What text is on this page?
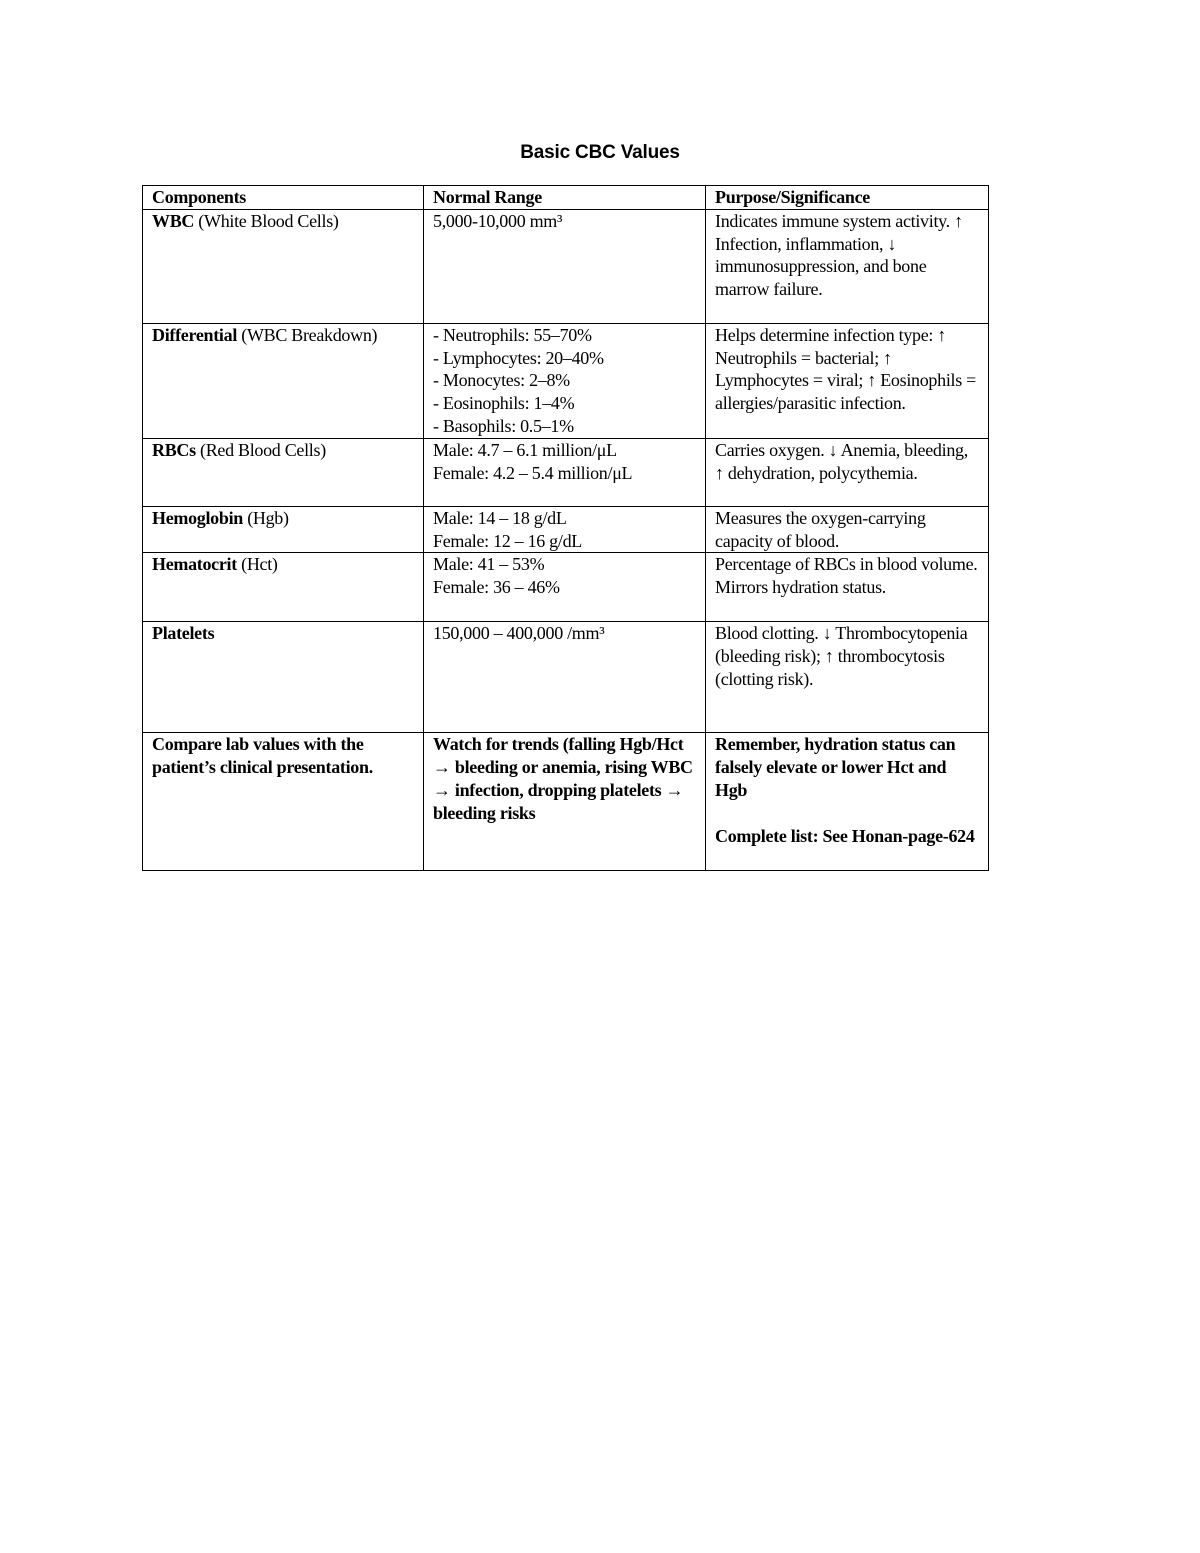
Basic CBC Values
Components	Normal Range	Purpose/Significance
WBC (White Blood Cells)	5,000-10,000 mm³	Indicates immune system activity. ↑ Infection, inflammation, ↓ immunosuppression, and bone marrow failure.

Differential (WBC Breakdown)	- Neutrophils: 55–70%
- Lymphocytes: 20–40%
- Monocytes: 2–8%
- Eosinophils: 1–4%
- Basophils: 0.5–1%	Helps determine infection type: ↑ Neutrophils = bacterial; ↑ Lymphocytes = viral; ↑ Eosinophils = allergies/parasitic infection.

RBCs (Red Blood Cells)	Male: 4.7 – 6.1 million/μL
Female: 4.2 – 5.4 million/μL	Carries oxygen. ↓ Anemia, bleeding, ↑ dehydration, polycythemia.

Hemoglobin (Hgb)	Male: 14 – 18 g/dL
Female: 12 – 16 g/dL	Measures the oxygen-carrying capacity of blood.

Hematocrit (Hct)	Male: 41 – 53%
Female: 36 – 46%	Percentage of RBCs in blood volume. Mirrors hydration status.

Platelets	150,000 – 400,000 /mm³	Blood clotting. ↓ Thrombocytopenia (bleeding risk); ↑ thrombocytosis (clotting risk).

Compare lab values with the patient’s clinical presentation.	Watch for trends (falling Hgb/Hct → bleeding or anemia, rising WBC → infection, dropping platelets → bleeding risks	Remember, hydration status can falsely elevate or lower Hct and Hgb
Complete list: See Honan-page-624
